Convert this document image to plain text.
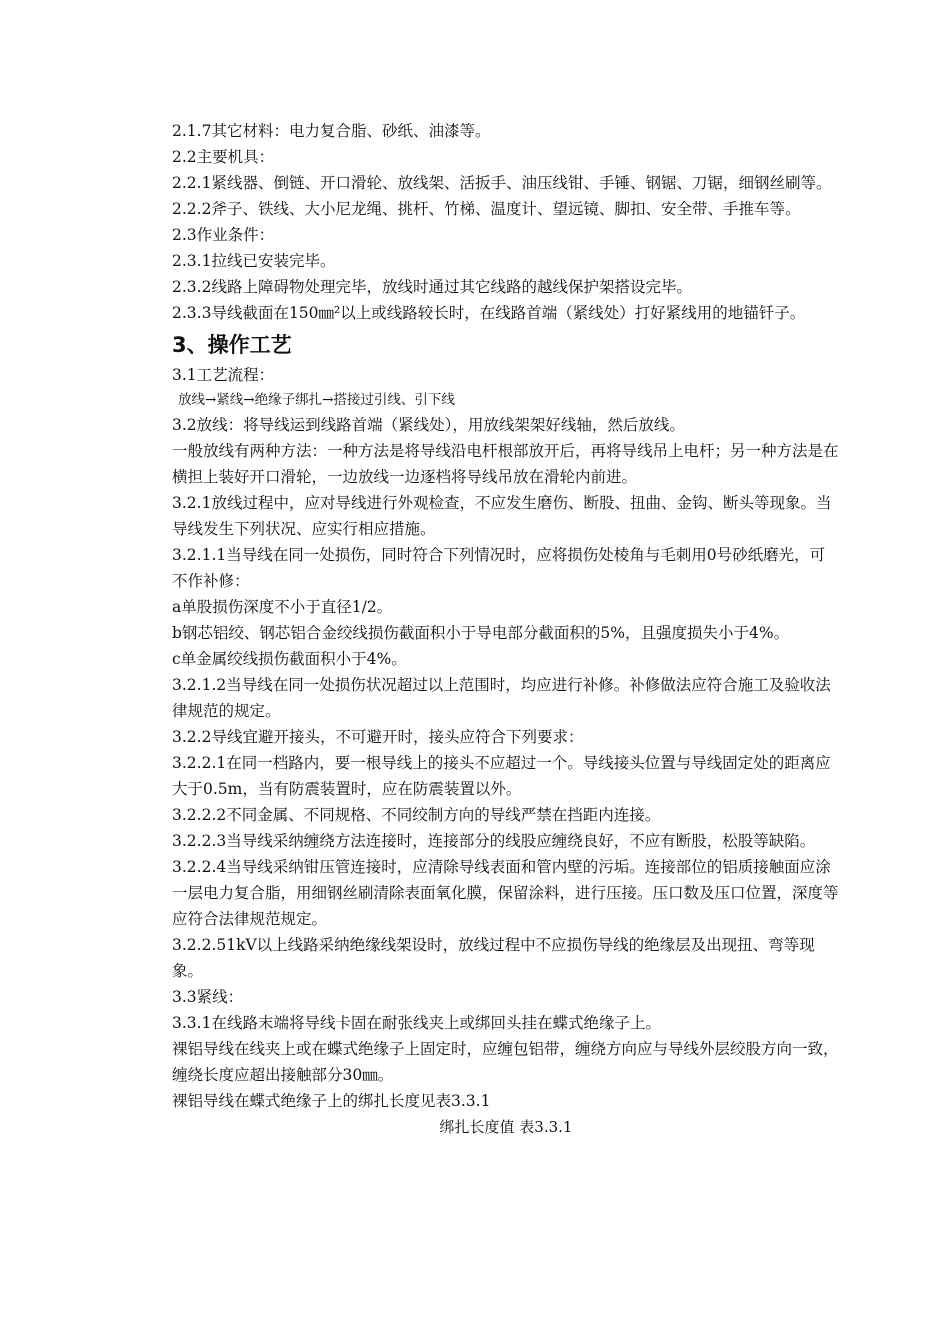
2.1.7其它材料：电力复合脂、砂纸、油漆等。

2.2主要机具：

2.2.1紧线器、倒链、开口滑轮、放线架、活扳手、油压线钳、手锤、钢锯、刀锯，细钢丝刷等。

2.2.2斧子、铁线、大小尼龙绳、挑杆、竹梯、温度计、望远镜、脚扣、安全带、手推车等。

2.3作业条件：

2.3.1拉线已安装完毕。

2.3.2线路上障碍物处理完毕，放线时通过其它线路的越线保护架搭设完毕。

2.3.3导线截面在150㎜²以上或线路较长时，在线路首端（紧线处）打好紧线用的地锚钎子。

3、操作工艺

3.1工艺流程：

放线→紧线→绝缘子绑扎→搭接过引线、引下线

3.2放线：将导线运到线路首端（紧线处），用放线架架好线轴，然后放线。

一般放线有两种方法：一种方法是将导线沿电杆根部放开后，再将导线吊上电杆；另一种方法是在横担上装好开口滑轮，一边放线一边逐档将导线吊放在滑轮内前进。

3.2.1放线过程中，应对导线进行外观检查，不应发生磨伤、断股、扭曲、金钩、断头等现象。当导线发生下列状况、应实行相应措施。

3.2.1.1当导线在同一处损伤，同时符合下列情况时，应将损伤处棱角与毛刺用0号砂纸磨光，可不作补修：

a单股损伤深度不小于直径1/2。

b钢芯铝绞、钢芯铝合金绞线损伤截面积小于导电部分截面积的5%，且强度损失小于4%。

c单金属绞线损伤截面积小于4%。

3.2.1.2当导线在同一处损伤状况超过以上范围时，均应进行补修。补修做法应符合施工及验收法律规范的规定。

3.2.2导线宜避开接头，不可避开时，接头应符合下列要求：

3.2.2.1在同一档路内，要一根导线上的接头不应超过一个。导线接头位置与导线固定处的距离应大于0.5m，当有防震装置时，应在防震装置以外。

3.2.2.2不同金属、不同规格、不同绞制方向的导线严禁在挡距内连接。

3.2.2.3当导线采纳缠绕方法连接时，连接部分的线股应缠绕良好，不应有断股，松股等缺陷。

3.2.2.4当导线采纳钳压管连接时，应清除导线表面和管内壁的污垢。连接部位的铝质接触面应涂一层电力复合脂，用细钢丝刷清除表面氧化膜，保留涂料，进行压接。压口数及压口位置，深度等应符合法律规范规定。

3.2.2.51kV以上线路采纳绝缘线架设时，放线过程中不应损伤导线的绝缘层及出现扭、弯等现象。

3.3紧线：

3.3.1在线路末端将导线卡固在耐张线夹上或绑回头挂在蝶式绝缘子上。

裸铝导线在线夹上或在蝶式绝缘子上固定时，应缠包铝带，缠绕方向应与导线外层绞股方向一致，缠绕长度应超出接触部分30㎜。

裸铝导线在蝶式绝缘子上的绑扎长度见表3.3.1

绑扎长度值 表3.3.1
